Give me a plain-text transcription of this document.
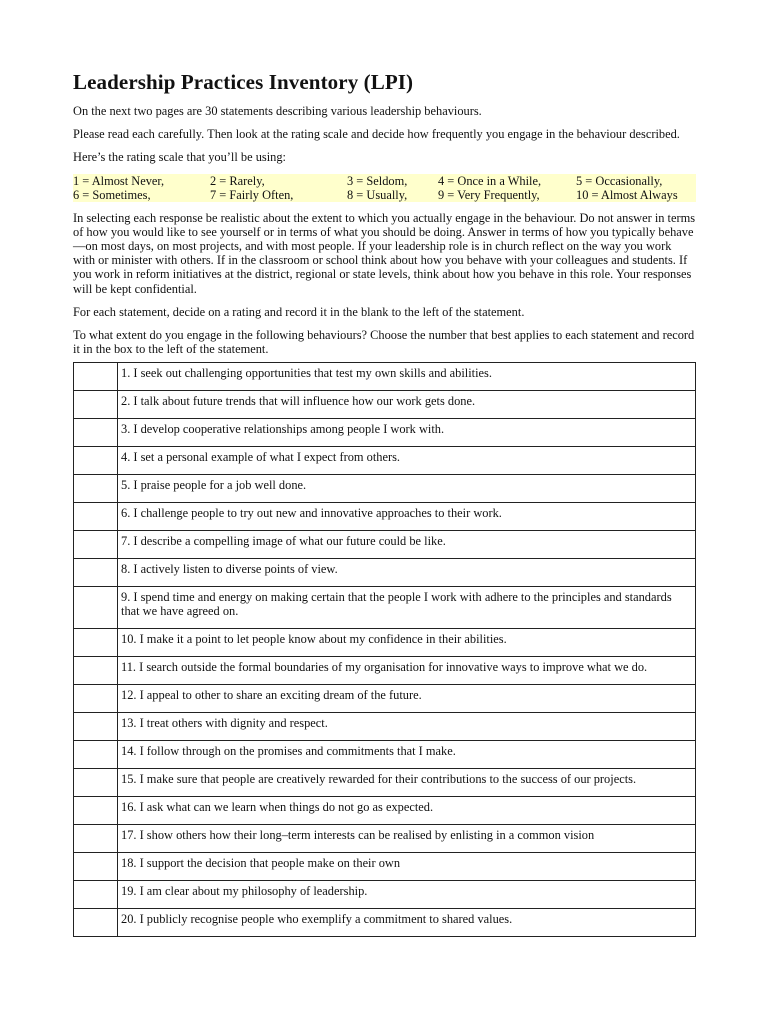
Leadership Practices Inventory (LPI)

On the next two pages are 30 statements describing various leadership behaviours.

Please read each carefully. Then look at the rating scale and decide how frequently you engage in the behaviour described.

Here’s the rating scale that you’ll be using:

1 = Almost Never,	2 = Rarely,	3 = Seldom,	4 = Once in a While,	5 = Occasionally,
6 = Sometimes,	7 = Fairly Often,	8 = Usually,	9 = Very Frequently,	10 = Almost Always

In selecting each response be realistic about the extent to which you actually engage in the behaviour. Do not answer in terms of how you would like to see yourself or in terms of what you should be doing. Answer in terms of how you typically behave—on most days, on most projects, and with most people. If your leadership role is in church reflect on the way you work with or minister with others. If in the classroom or school think about how you behave with your colleagues and students. If you work in reform initiatives at the district, regional or state levels, think about how you behave in this role. Your responses will be kept confidential.

For each statement, decide on a rating and record it in the blank to the left of the statement.

To what extent do you engage in the following behaviours? Choose the number that best applies to each statement and record it in the box to the left of the statement.

	1. I seek out challenging opportunities that test my own skills and abilities.
	2. I talk about future trends that will influence how our work gets done.
	3. I develop cooperative relationships among people I work with.
	4. I set a personal example of what I expect from others.
	5. I praise people for a job well done.
	6. I challenge people to try out new and innovative approaches to their work.
	7. I describe a compelling image of what our future could be like.
	8. I actively listen to diverse points of view.
	9. I spend time and energy on making certain that the people I work with adhere to the principles and standards that we have agreed on.
	10. I make it a point to let people know about my confidence in their abilities.
	11. I search outside the formal boundaries of my organisation for innovative ways to improve what we do.
	12. I appeal to other to share an exciting dream of the future.
	13. I treat others with dignity and respect.
	14. I follow through on the promises and commitments that I make.
	15. I make sure that people are creatively rewarded for their contributions to the success of our projects.
	16. I ask what can we learn when things do not go as expected.
	17. I show others how their long–term interests can be realised by enlisting in a common vision
	18. I support the decision that people make on their own
	19. I am clear about my philosophy of leadership.
	20. I publicly recognise people who exemplify a commitment to shared values.
